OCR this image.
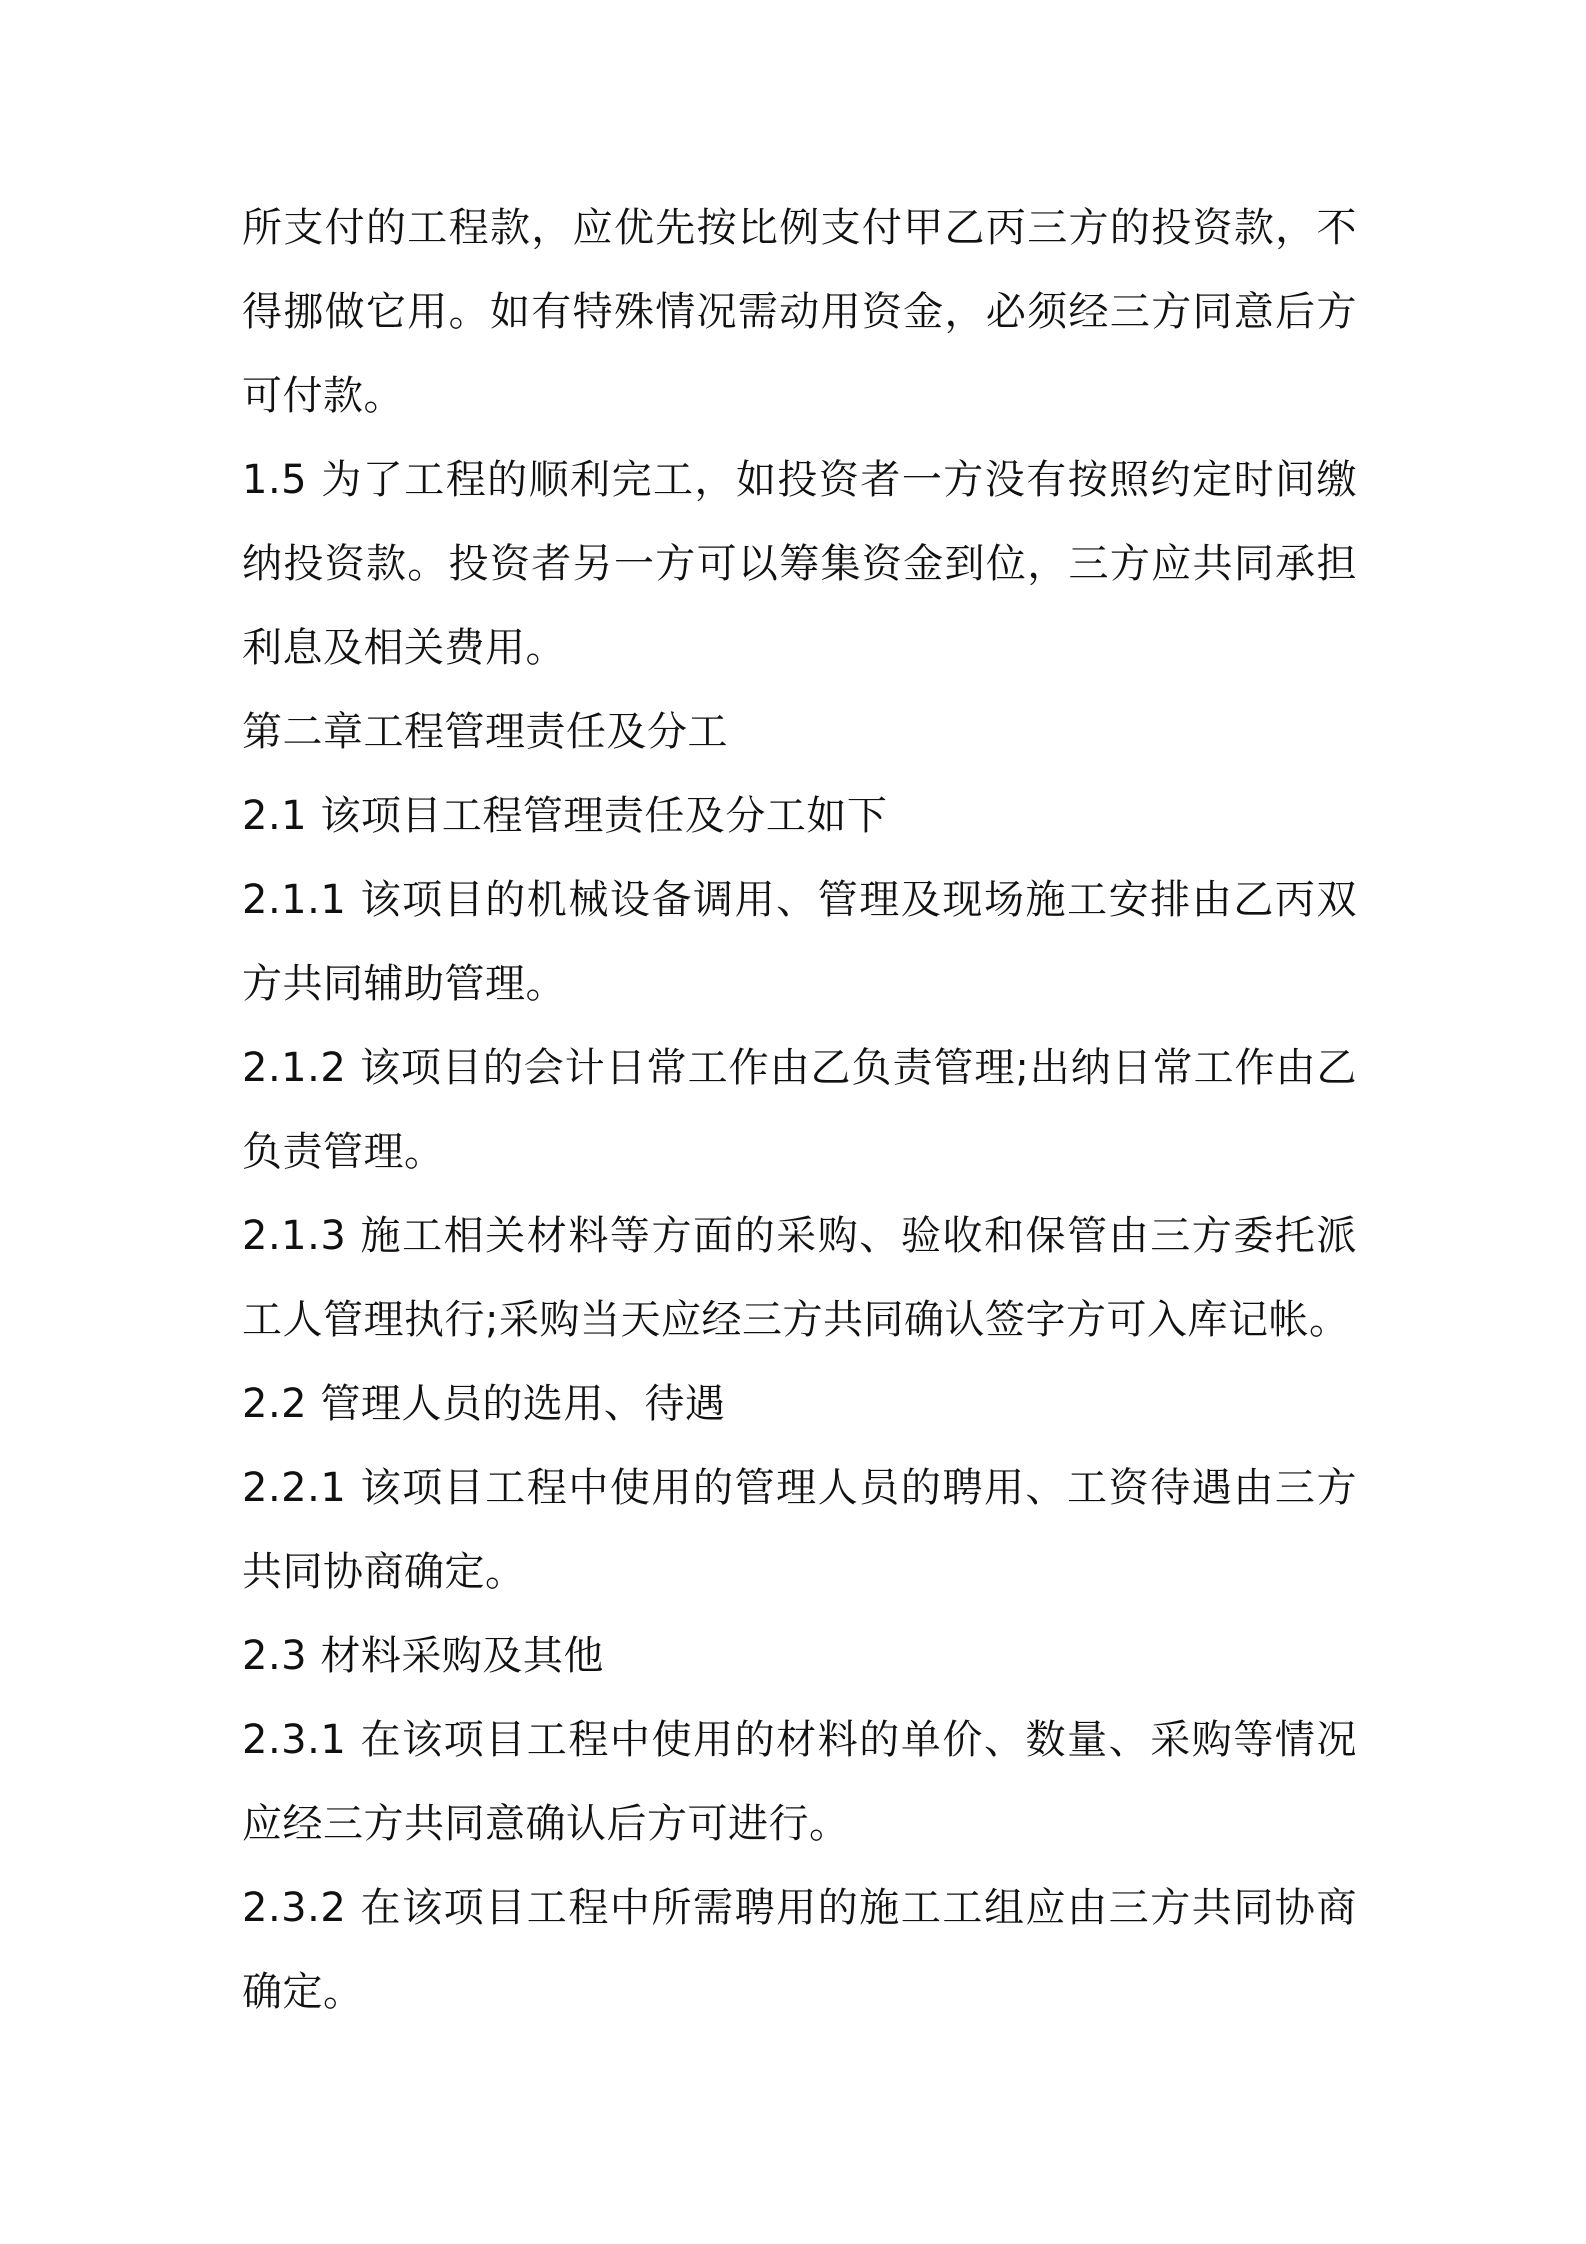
所支付的工程款，应优先按比例支付甲乙丙三方的投资款，不得挪做它用。如有特殊情况需动用资金，必须经三方同意后方可付款。

1.5 为了工程的顺利完工，如投资者一方没有按照约定时间缴纳投资款。投资者另一方可以筹集资金到位，三方应共同承担利息及相关费用。

第二章工程管理责任及分工

2.1 该项目工程管理责任及分工如下

2.1.1 该项目的机械设备调用、管理及现场施工安排由乙丙双方共同辅助管理。

2.1.2 该项目的会计日常工作由乙负责管理;出纳日常工作由乙负责管理。

2.1.3 施工相关材料等方面的采购、验收和保管由三方委托派工人管理执行;采购当天应经三方共同确认签字方可入库记帐。

2.2 管理人员的选用、待遇

2.2.1 该项目工程中使用的管理人员的聘用、工资待遇由三方共同协商确定。

2.3 材料采购及其他

2.3.1 在该项目工程中使用的材料的单价、数量、采购等情况应经三方共同意确认后方可进行。

2.3.2 在该项目工程中所需聘用的施工工组应由三方共同协商确定。
